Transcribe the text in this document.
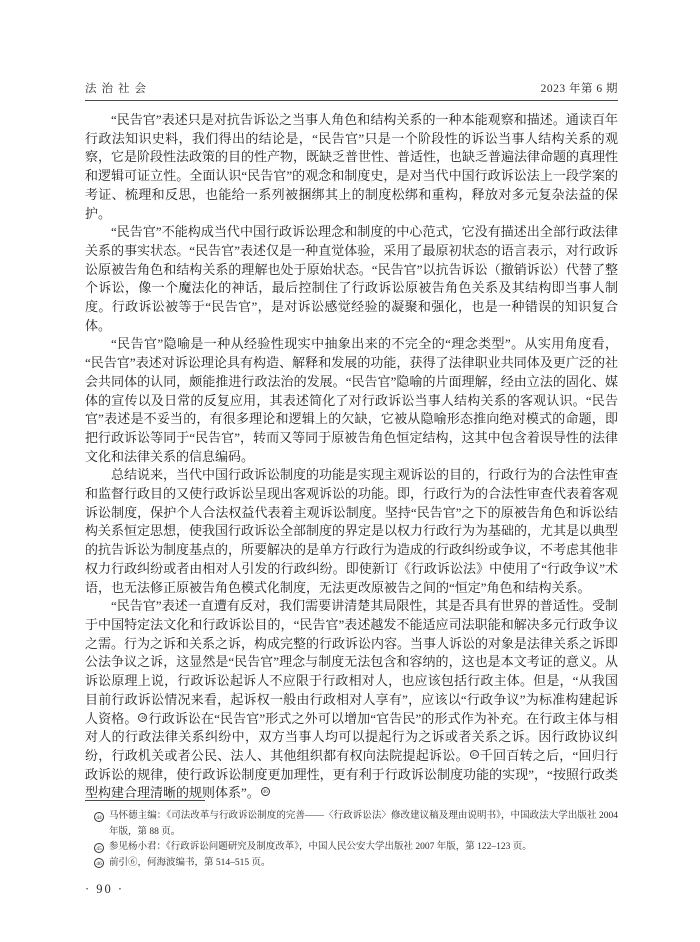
法治社会	2023 年第 6 期

“民告官”表述只是对抗告诉讼之当事人角色和结构关系的一种本能观察和描述。通读百年行政法知识史料，我们得出的结论是，“民告官”只是一个阶段性的诉讼当事人结构关系的观察，它是阶段性法政策的目的性产物，既缺乏普世性、普适性，也缺乏普遍法律命题的真理性和逻辑可证立性。全面认识“民告官”的观念和制度史，是对当代中国行政诉讼法上一段学案的考证、梳理和反思，也能给一系列被捆绑其上的制度松绑和重构，释放对多元复杂法益的保护。

“民告官”不能构成当代中国行政诉讼理念和制度的中心范式，它没有描述出全部行政法律关系的事实状态。“民告官”表述仅是一种直觉体验，采用了最原初状态的语言表示，对行政诉讼原被告角色和结构关系的理解也处于原始状态。“民告官”以抗告诉讼（撤销诉讼）代替了整个诉讼，像一个魔法化的神话，最后控制住了行政诉讼原被告角色关系及其结构即当事人制度。行政诉讼被等于“民告官”，是对诉讼感觉经验的凝聚和强化，也是一种错误的知识复合体。

“民告官”隐喻是一种从经验性现实中抽象出来的不完全的“理念类型”。从实用角度看，“民告官”表述对诉讼理论具有构造、解释和发展的功能，获得了法律职业共同体及更广泛的社会共同体的认同，颇能推进行政法治的发展。“民告官”隐喻的片面理解，经由立法的固化、媒体的宣传以及日常的反复应用，其表述简化了对行政诉讼当事人结构关系的客观认识。“民告官”表述是不妥当的，有很多理论和逻辑上的欠缺，它被从隐喻形态推向绝对模式的命题，即把行政诉讼等同于“民告官”，转而又等同于原被告角色恒定结构，这其中包含着误导性的法律文化和法律关系的信息编码。

总结说来，当代中国行政诉讼制度的功能是实现主观诉讼的目的，行政行为的合法性审查和监督行政目的又使行政诉讼呈现出客观诉讼的功能。即，行政行为的合法性审查代表着客观诉讼制度，保护个人合法权益代表着主观诉讼制度。坚持“民告官”之下的原被告角色和诉讼结构关系恒定思想，使我国行政诉讼全部制度的界定是以权力行政行为为基础的，尤其是以典型的抗告诉讼为制度基点的，所要解决的是单方行政行为造成的行政纠纷或争议，不考虑其他非权力行政纠纷或者由相对人引发的行政纠纷。即使新订《行政诉讼法》中使用了“行政争议”术语，也无法修正原被告角色模式化制度，无法更改原被告之间的“恒定”角色和结构关系。

“民告官”表述一直遭有反对，我们需要讲清楚其局限性，其是否具有世界的普适性。受制于中国特定法文化和行政诉讼目的，“民告官”表述越发不能适应司法职能和解决多元行政争议之需。行为之诉和关系之诉，构成完整的行政诉讼内容。当事人诉讼的对象是法律关系之诉即公法争议之诉，这显然是“民告官”理念与制度无法包含和容纳的，这也是本文考证的意义。从诉讼原理上说，行政诉讼起诉人不应限于行政相对人，也应该包括行政主体。但是，“从我国目前行政诉讼情况来看，起诉权一般由行政相对人享有”，应该以“行政争议”为标准构建起诉人资格。 44 行政诉讼在“民告官”形式之外可以增加“官告民”的形式作为补充。在行政主体与相对人的行政法律关系纠纷中，双方当事人均可以提起行为之诉或者关系之诉。因行政协议纠纷，行政机关或者公民、法人、其他组织都有权向法院提起诉讼。 45 千回百转之后，“回归行政诉讼的规律，使行政诉讼制度更加理性，更有利于行政诉讼制度功能的实现”，“按照行政类型构建合理清晰的规则体系”。 46

44 马怀德主编：《司法改革与行政诉讼制度的完善——〈行政诉讼法〉修改建议稿及理由说明书》，中国政法大学出版社 2004 年版，第 88 页。
45 参见杨小君：《行政诉讼问题研究及制度改革》，中国人民公安大学出版社 2007 年版，第 122–123 页。
46 前引⑥，何海波编书，第 514–515 页。
· 90 ·
